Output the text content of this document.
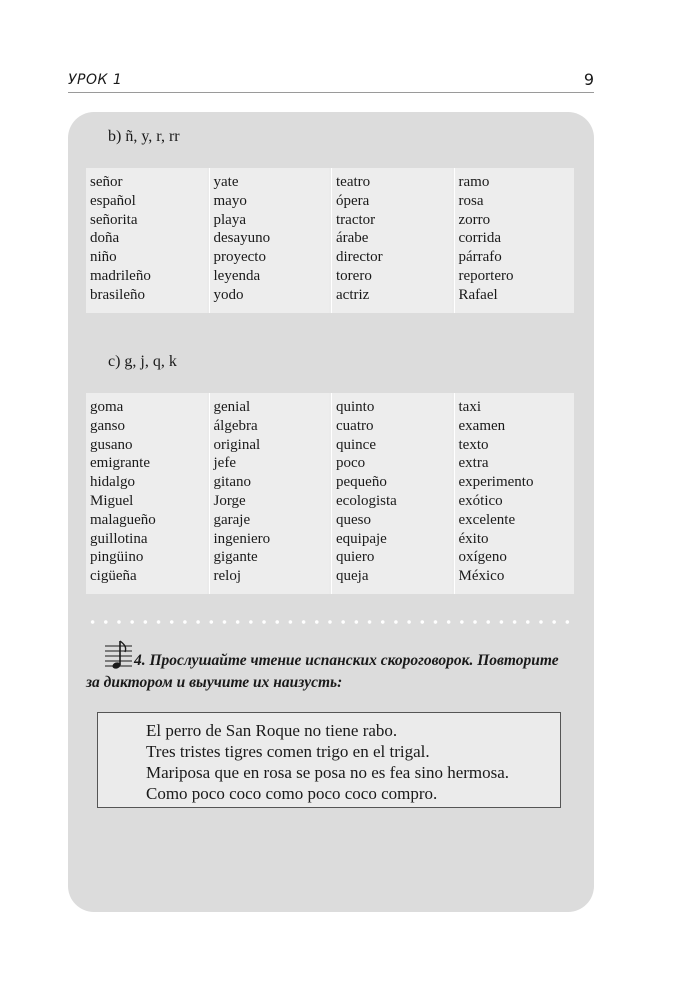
УРОК 1	9
b) ñ, y, r, rr
señor
español
señorita
doña
niño
madrileño
brasileño
yate
mayo
playa
desayuno
proyecto
leyenda
yodo
teatro
ópera
tractor
árabe
director
torero
actriz
ramo
rosa
zorro
corrida
párrafo
reportero
Rafael
c) g, j, q, k
goma
ganso
gusano
emigrante
hidalgo
Miguel
malagueño
guillotina
pingüino
cigüeña
genial
álgebra
original
jefe
gitano
Jorge
garaje
ingeniero
gigante
reloj
quinto
cuatro
quince
poco
pequeño
ecologista
queso
equipaje
quiero
queja
taxi
examen
texto
extra
experimento
exótico
excelente
éxito
oxígeno
México
4. Прослушайте чтение испанских скороговорок. Повторите
за диктором и выучите их наизусть:
El perro de San Roque no tiene rabo.
Tres tristes tigres comen trigo en el trigal.
Mariposa que en rosa se posa no es fea sino hermosa.
Como poco coco como poco coco compro.
